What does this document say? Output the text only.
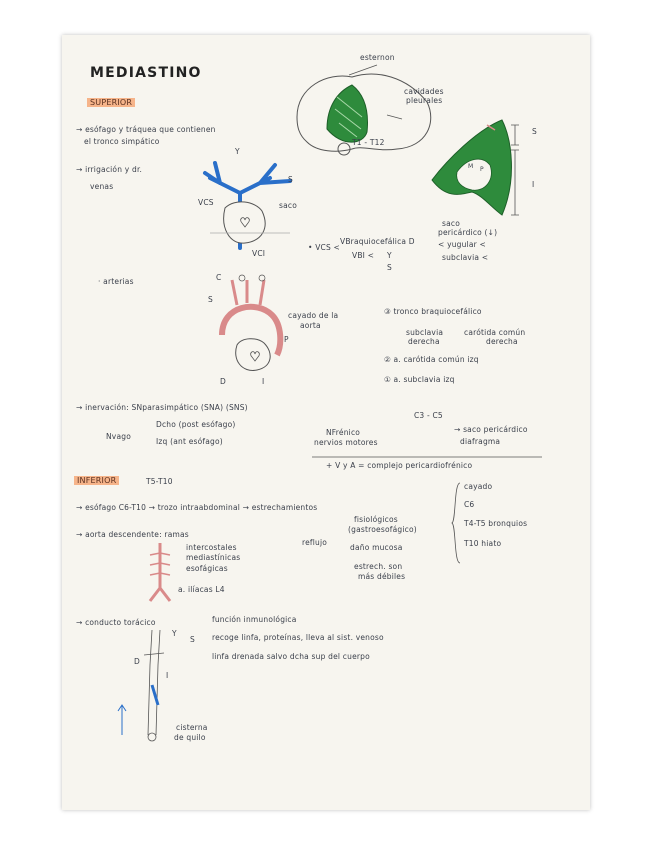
MEDIASTINO
SUPERIOR
esternon
cavidades
pleurales
T1 - T12
S
I
M P
saco
pericárdico (↓)
→ esófago y tráquea que contienen
el tronco simpático
→ irrigación y dr.
venas
Y
S
VCS	saco
VCI
• VCS <
VBraquiocefálica D
VBI < Y
S
< yugular <
subclavia <
· arterias	C
S
cayado de la
aorta
P
D	I
③ tronco braquiocefálico
subclavia
derecha
carótida común
derecha
② a. carótida común izq
① a. subclavia izq
→ inervación: SNparasimpático (SNA) (SNS)
Nvago
Dcho (post esófago)
Izq (ant esófago)
NFrénico
nervios motores
C3 - C5
→ saco pericárdico
diafragma
+ V y A = complejo pericardiofrénico
INFERIOR	T5-T10
→ esófago C6-T10 → trozo intraabdominal → estrechamientos
fisiológicos
(gastroesofágico)
reflujo
daño mucosa
estrech. son
más débiles
cayado
C6
T4-T5 bronquios
T10 hiato
→ aorta descendente: ramas
intercostales
mediastínicas
esofágicas
a. ilíacas L4
→ conducto torácico	función inmunológica
recoge linfa, proteínas, lleva al sist. venoso
linfa drenada salvo dcha sup del cuerpo
Y
S
D
I
cisterna
de quilo
